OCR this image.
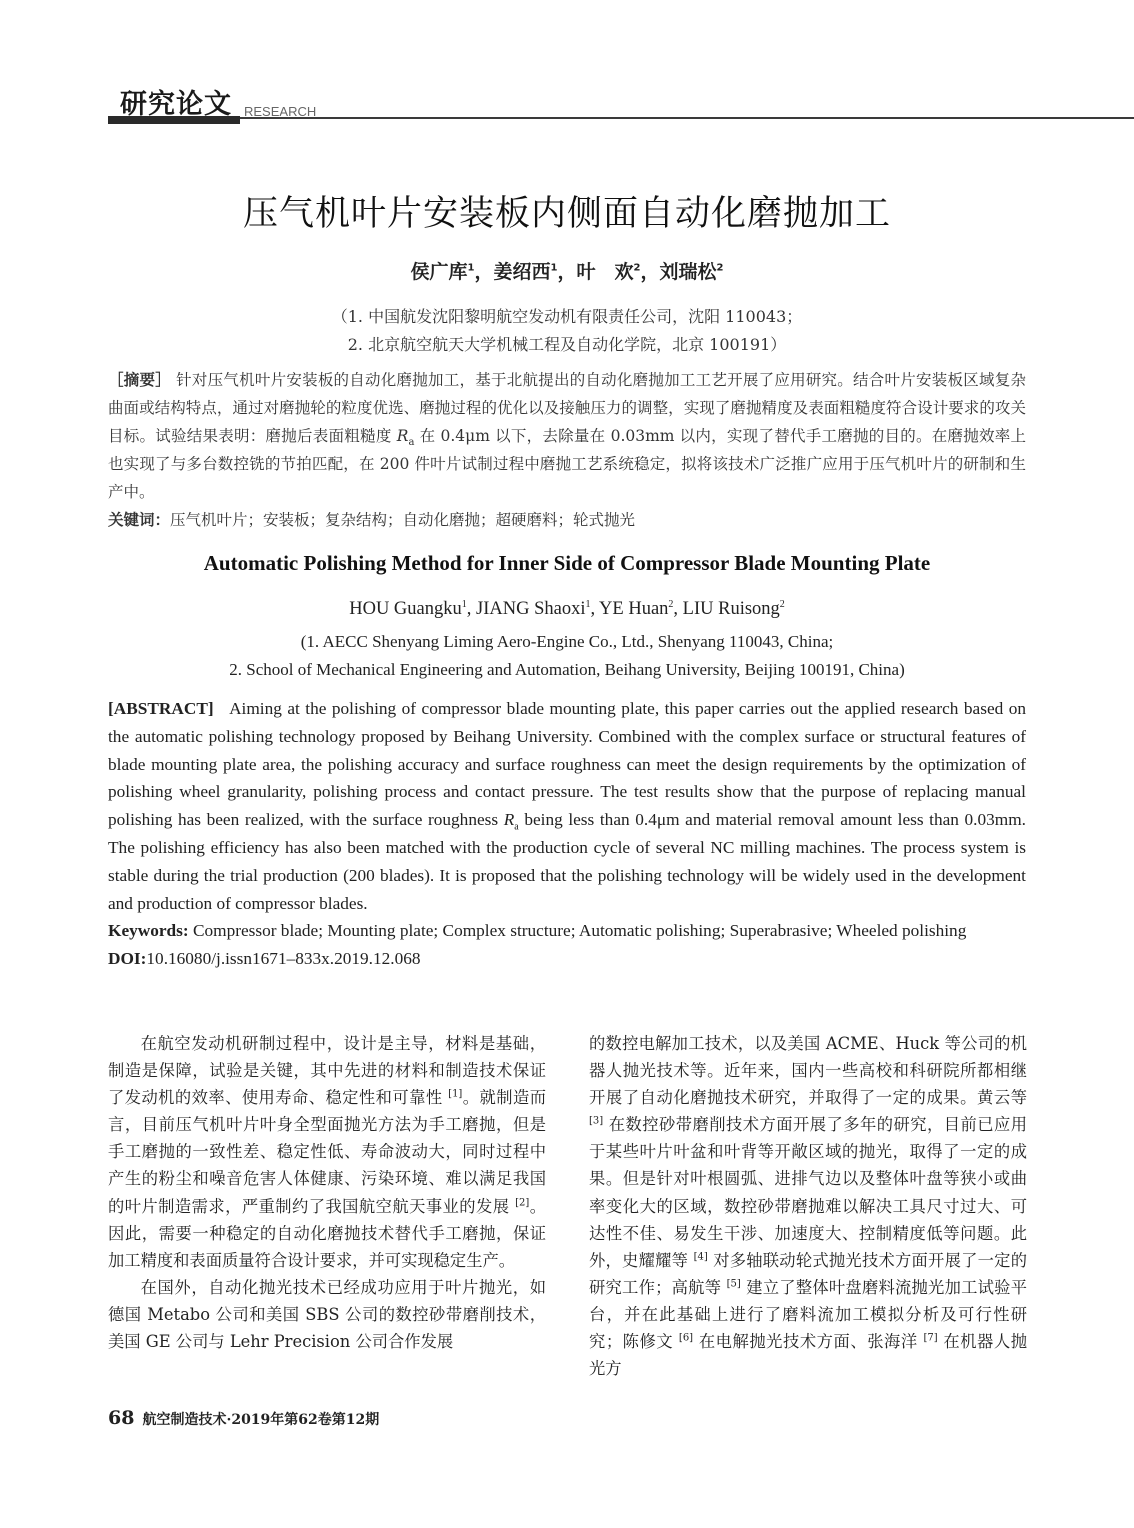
研究论文 RESEARCH
压气机叶片安装板内侧面自动化磨抛加工
侯广库$^1$，姜绍西$^1$，叶　欢$^2$，刘瑞松$^2$
（1. 中国航发沈阳黎明航空发动机有限责任公司，沈阳 110043；
2. 北京航空航天大学机械工程及自动化学院，北京 100191）
［摘要］ 针对压气机叶片安装板的自动化磨抛加工，基于北航提出的自动化磨抛加工工艺开展了应用研究。结合叶片安装板区域复杂曲面或结构特点，通过对磨抛轮的粒度优选、磨抛过程的优化以及接触压力的调整，实现了磨抛精度及表面粗糙度符合设计要求的攻关目标。试验结果表明：磨抛后表面粗糙度 $R_a$ 在 0.4μm 以下，去除量在 0.03mm 以内，实现了替代手工磨抛的目的。在磨抛效率上也实现了与多台数控铣的节拍匹配，在 200 件叶片试制过程中磨抛工艺系统稳定，拟将该技术广泛推广应用于压气机叶片的研制和生产中。
关键词：压气机叶片；安装板；复杂结构；自动化磨抛；超硬磨料；轮式抛光
Automatic Polishing Method for Inner Side of Compressor Blade Mounting Plate
HOU Guangku$^1$, JIANG Shaoxi$^1$, YE Huan$^2$, LIU Ruisong$^2$
(1. AECC Shenyang Liming Aero-Engine Co., Ltd., Shenyang 110043, China;
2. School of Mechanical Engineering and Automation, Beihang University, Beijing 100191, China)
[ABSTRACT] Aiming at the polishing of compressor blade mounting plate, this paper carries out the applied research based on the automatic polishing technology proposed by Beihang University. Combined with the complex surface or structural features of blade mounting plate area, the polishing accuracy and surface roughness can meet the design requirements by the optimization of polishing wheel granularity, polishing process and contact pressure. The test results show that the purpose of replacing manual polishing has been realized, with the surface roughness $R_a$ being less than 0.4μm and material removal amount less than 0.03mm. The polishing efficiency has also been matched with the production cycle of several NC milling machines. The process system is stable during the trial production (200 blades). It is proposed that the polishing technology will be widely used in the development and production of compressor blades.
Keywords: Compressor blade; Mounting plate; Complex structure; Automatic polishing; Superabrasive; Wheeled polishing
DOI:10.16080/j.issn1671–833x.2019.12.068

在航空发动机研制过程中，设计是主导，材料是基础，制造是保障，试验是关键，其中先进的材料和制造技术保证了发动机的效率、使用寿命、稳定性和可靠性 [1]。就制造而言，目前压气机叶片叶身全型面抛光方法为手工磨抛，但是手工磨抛的一致性差、稳定性低、寿命波动大，同时过程中产生的粉尘和噪音危害人体健康、污染环境、难以满足我国的叶片制造需求，严重制约了我国航空航天事业的发展 [2]。因此，需要一种稳定的自动化磨抛技术替代手工磨抛，保证加工精度和表面质量符合设计要求，并可实现稳定生产。

在国外，自动化抛光技术已经成功应用于叶片抛光，如德国 Metabo 公司和美国 SBS 公司的数控砂带磨削技术，美国 GE 公司与 Lehr Precision 公司合作发展

的数控电解加工技术，以及美国 ACME、Huck 等公司的机器人抛光技术等。近年来，国内一些高校和科研院所都相继开展了自动化磨抛技术研究，并取得了一定的成果。黄云等 [3] 在数控砂带磨削技术方面开展了多年的研究，目前已应用于某些叶片叶盆和叶背等开敞区域的抛光，取得了一定的成果。但是针对叶根圆弧、进排气边以及整体叶盘等狭小或曲率变化大的区域，数控砂带磨抛难以解决工具尺寸过大、可达性不佳、易发生干涉、加速度大、控制精度低等问题。此外，史耀耀等 [4] 对多轴联动轮式抛光技术方面开展了一定的研究工作；高航等 [5] 建立了整体叶盘磨料流抛光加工试验平台，并在此基础上进行了磨料流加工模拟分析及可行性研究；陈修文 [6] 在电解抛光技术方面、张海洋 [7] 在机器人抛光方

68 航空制造技术·2019年第62卷第12期
